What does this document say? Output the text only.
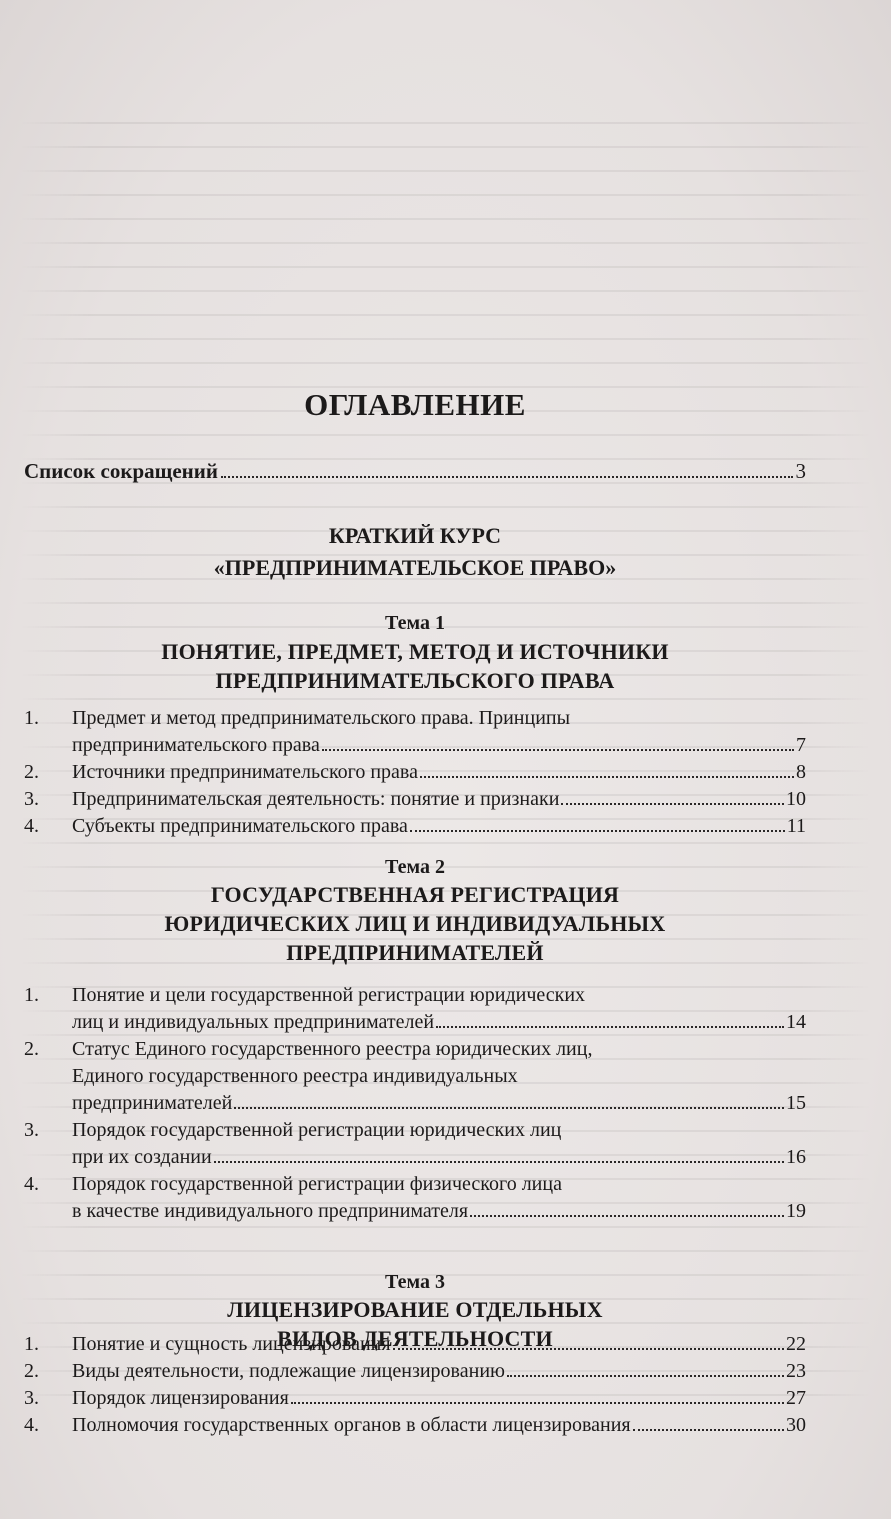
ОГЛАВЛЕНИЕ
Список сокращений	3
КРАТКИЙ КУРС
«ПРЕДПРИНИМАТЕЛЬСКОЕ ПРАВО»
Тема 1
ПОНЯТИЕ, ПРЕДМЕТ, МЕТОД И ИСТОЧНИКИ
ПРЕДПРИНИМАТЕЛЬСКОГО ПРАВА
1.	Предмет и метод предпринимательского права. Принципы
предпринимательского права	7
2.	Источники предпринимательского права	8
3.	Предпринимательская деятельность: понятие и признаки	10
4.	Субъекты предпринимательского права	11
Тема 2
ГОСУДАРСТВЕННАЯ РЕГИСТРАЦИЯ
ЮРИДИЧЕСКИХ ЛИЦ И ИНДИВИДУАЛЬНЫХ
ПРЕДПРИНИМАТЕЛЕЙ
1.	Понятие и цели государственной регистрации юридических
лиц и индивидуальных предпринимателей	14
2.	Статус Единого государственного реестра юридических лиц,
Единого государственного реестра индивидуальных
предпринимателей	15
3.	Порядок государственной регистрации юридических лиц
при их создании	16
4.	Порядок государственной регистрации физического лица
в качестве индивидуального предпринимателя	19
Тема 3
ЛИЦЕНЗИРОВАНИЕ ОТДЕЛЬНЫХ
ВИДОВ ДЕЯТЕЛЬНОСТИ
1.	Понятие и сущность лицензирования	22
2.	Виды деятельности, подлежащие лицензированию	23
3.	Порядок лицензирования	27
4.	Полномочия государственных органов в области лицензирования	30
